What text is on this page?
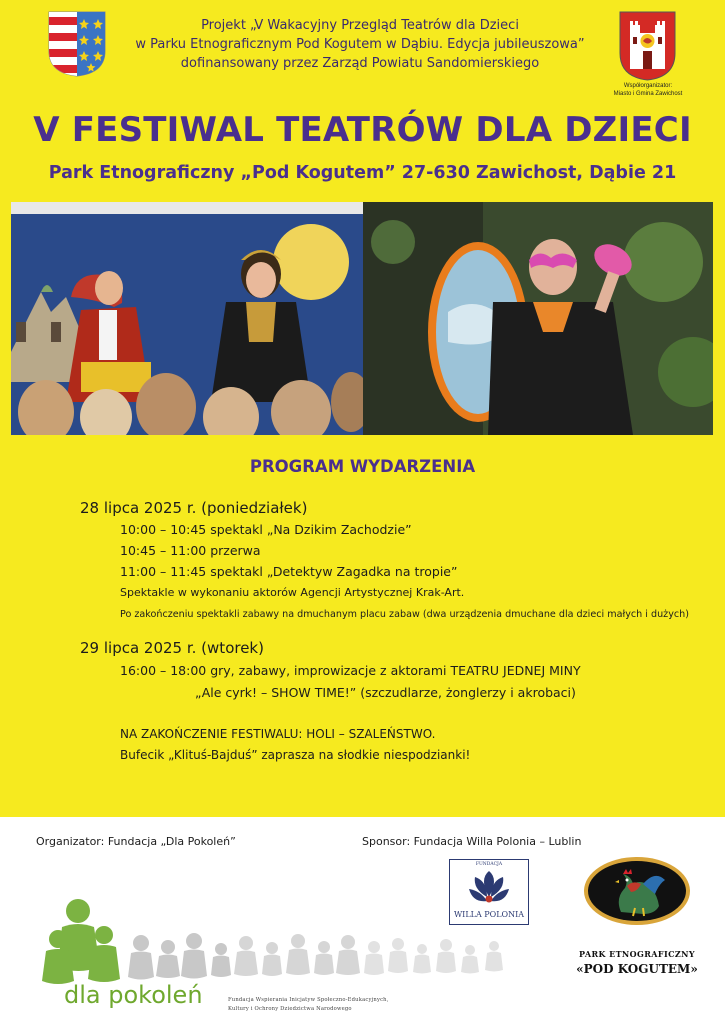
Współorganizator:
Miasto i Gmina Zawichost
Projekt „V Wakacyjny Przegląd Teatrów dla Dzieci
w Parku Etnograficznym Pod Kogutem w Dąbiu. Edycja jubileuszowa”
dofinansowany przez Zarząd Powiatu Sandomierskiego
V FESTIWAL TEATRÓW DLA DZIECI
Park Etnograficzny „Pod Kogutem” 27-630 Zawichost, Dąbie 21
PROGRAM WYDARZENIA
28 lipca 2025 r. (poniedziałek)
10:00 – 10:45 spektakl „Na Dzikim Zachodzie”
10:45 – 11:00 przerwa
11:00 – 11:45 spektakl „Detektyw Zagadka na tropie”
Spektakle w wykonaniu aktorów Agencji Artystycznej Krak-Art.
Po zakończeniu spektakli zabawy na dmuchanym placu zabaw (dwa urządzenia dmuchane dla dzieci małych i dużych)
29 lipca 2025 r. (wtorek)
16:00 – 18:00 gry, zabawy, improwizacje z aktorami TEATRU JEDNEJ MINY
„Ale cyrk! – SHOW TIME!” (szczudlarze, żonglerzy i akrobaci)
NA ZAKOŃCZENIE FESTIWALU: HOLI – SZALEŃSTWO.
Bufecik „Klituś-Bajduś” zaprasza na słodkie niespodzianki!
Organizator: Fundacja „Dla Pokoleń”	Sponsor: Fundacja Willa Polonia – Lublin
FUNDACJA
WILLA POLONIA
PARK ETNOGRAFICZNY
«POD KOGUTEM»
dla pokoleń	Fundacja Wspierania Inicjatyw Społeczno-Edukacyjnych,
Kultury i Ochrony Dziedzictwa Narodowego
